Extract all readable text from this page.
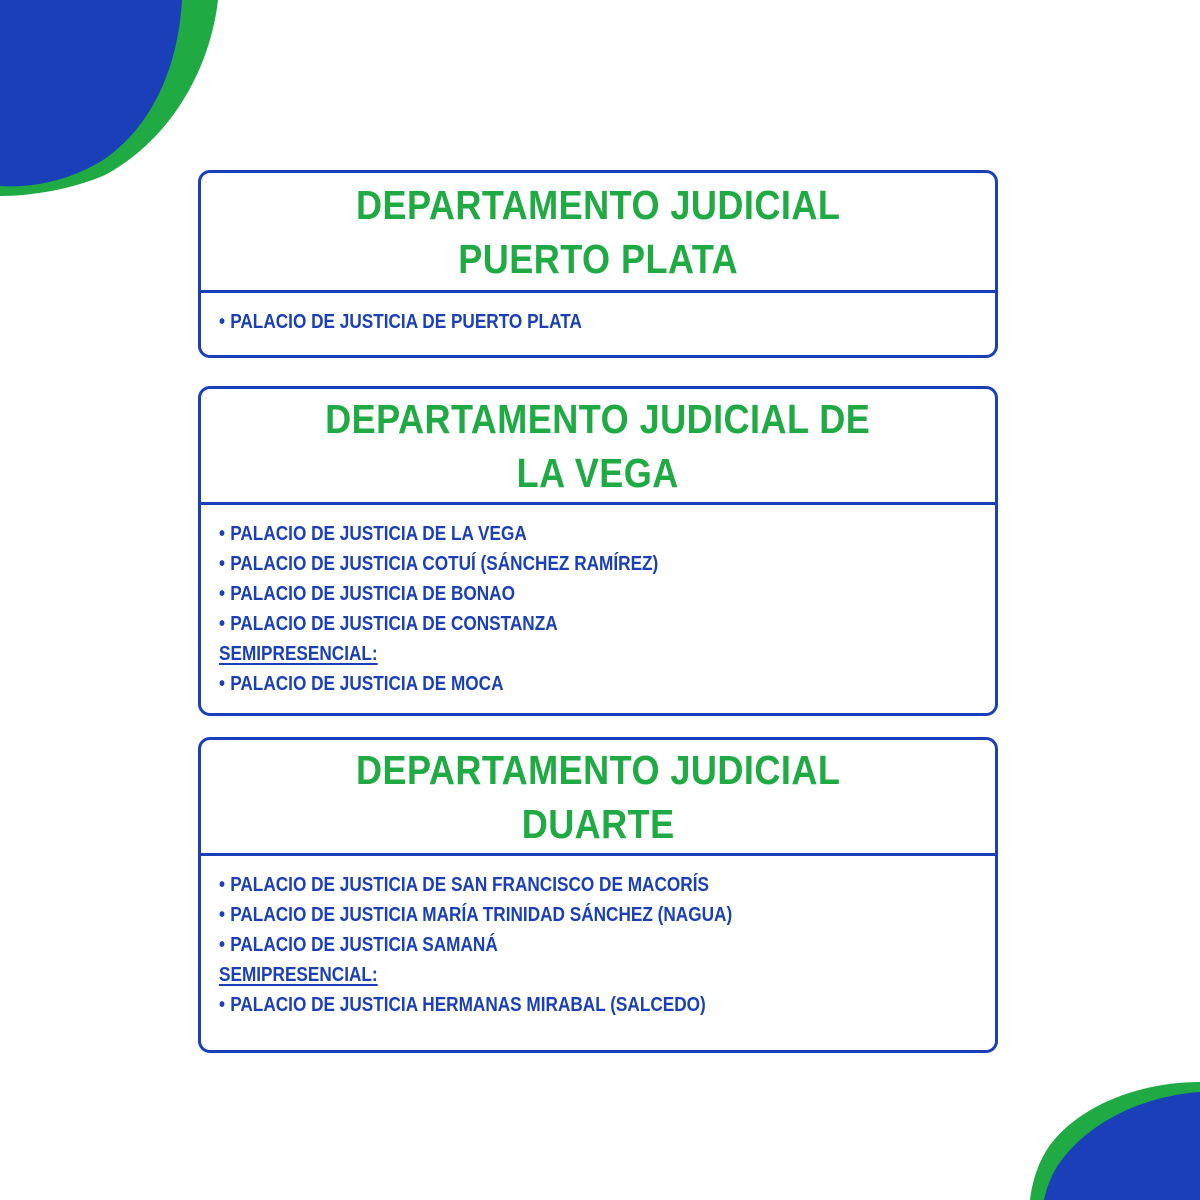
DEPARTAMENTO JUDICIAL
PUERTO PLATA
• PALACIO DE JUSTICIA DE PUERTO PLATA
DEPARTAMENTO JUDICIAL DE
LA VEGA
• PALACIO DE JUSTICIA DE LA VEGA
• PALACIO DE JUSTICIA COTUÍ (SÁNCHEZ RAMÍREZ)
• PALACIO DE JUSTICIA DE BONAO
• PALACIO DE JUSTICIA DE CONSTANZA
SEMIPRESENCIAL:
• PALACIO DE JUSTICIA DE MOCA
DEPARTAMENTO JUDICIAL
DUARTE
• PALACIO DE JUSTICIA DE SAN FRANCISCO DE MACORÍS
• PALACIO DE JUSTICIA MARÍA TRINIDAD SÁNCHEZ (NAGUA)
• PALACIO DE JUSTICIA SAMANÁ
SEMIPRESENCIAL:
• PALACIO DE JUSTICIA HERMANAS MIRABAL (SALCEDO)
